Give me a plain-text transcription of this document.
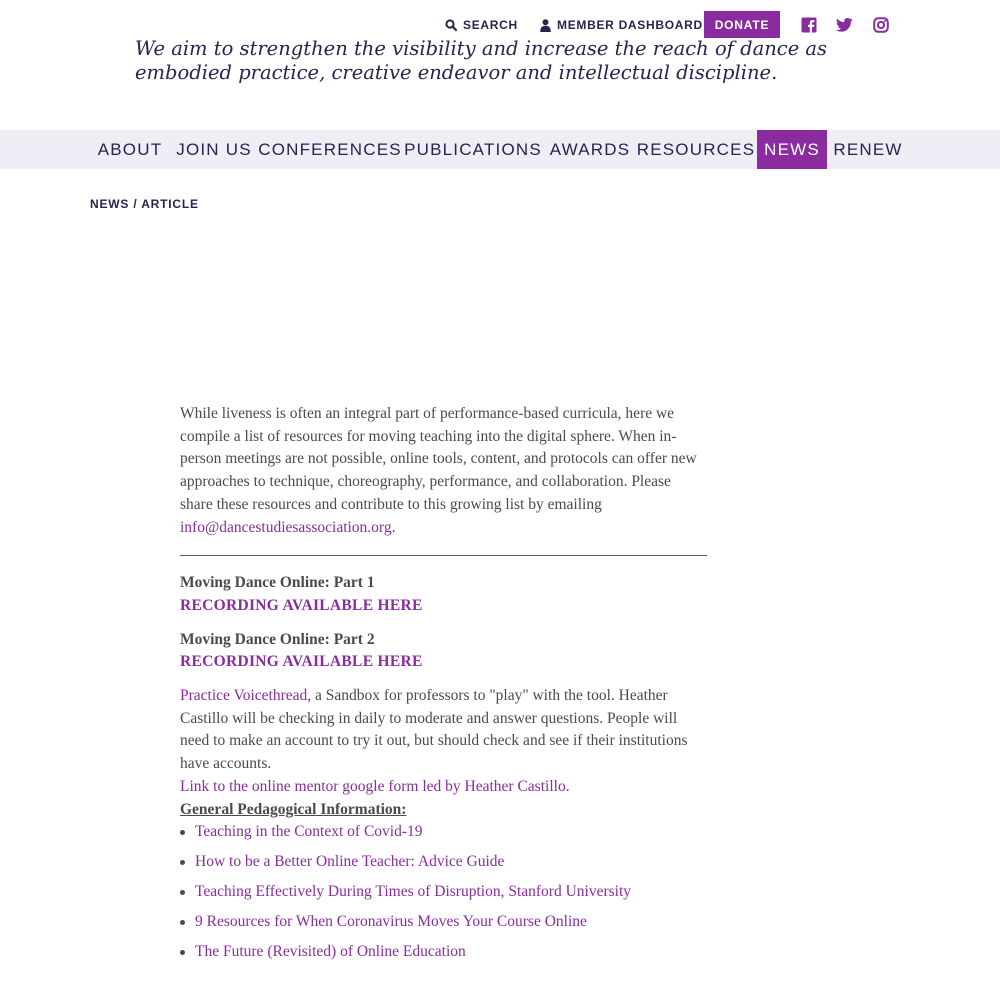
SEARCH	MEMBER DASHBOARD DONATE

We aim to strengthen the visibility and increase the reach of dance as embodied practice, creative endeavor and intellectual discipline.

ABOUT JOIN US CONFERENCES PUBLICATIONS AWARDS RESOURCES NEWS RENEW
NEWS / ARTICLE

While liveness is often an integral part of performance-based curricula, here we compile a list of resources for moving teaching into the digital sphere. When in-person meetings are not possible, online tools, content, and protocols can offer new approaches to technique, choreography, performance, and collaboration. Please share these resources and contribute to this growing list by emailing info@dancestudiesassociation.org.

Moving Dance Online: Part 1
RECORDING AVAILABLE HERE
Moving Dance Online: Part 2
RECORDING AVAILABLE HERE

Practice Voicethread, a Sandbox for professors to "play" with the tool. Heather Castillo will be checking in daily to moderate and answer questions. People will need to make an account to try it out, but should check and see if their institutions have accounts.

Link to the online mentor google form led by Heather Castillo.

General Pedagogical Information:

Teaching in the Context of Covid-19
How to be a Better Online Teacher: Advice Guide
Teaching Effectively During Times of Disruption, Stanford University
9 Resources for When Coronavirus Moves Your Course Online
The Future (Revisited) of Online Education
